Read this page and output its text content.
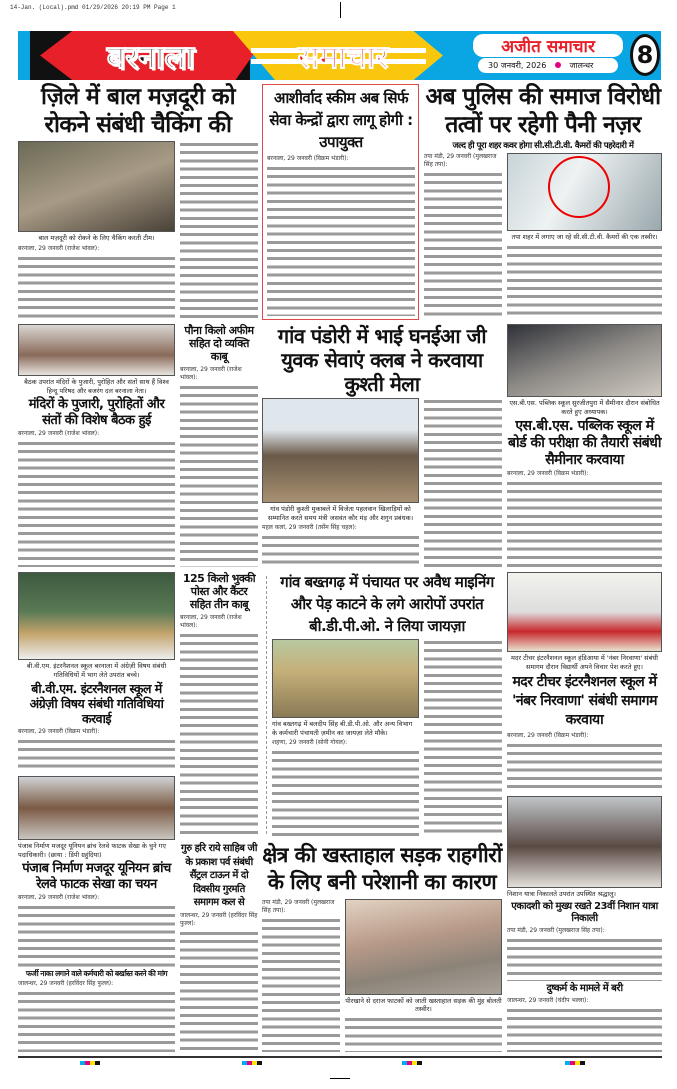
14-Jan. (Local).pmd 01/29/2026 20:19 PM Page 1
बरनाला	समाचार	अजीत समाचार
30 जनवरी, 2026	जालन्धर	8
ज़िले में बाल मज़दूरी को रोकने संबंधी चैकिंग की
बाल मज़दूरी को रोकने के लिए चैकिंग करती टीम।
बरनाला, 29 जनवरी (राजेश भांवल):
आशीर्वाद स्कीम अब सिर्फ सेवा केन्द्रों द्वारा लागू होगी : उपायुक्त
बरनाला, 29 जनवरी (विक्रम भंडारी):
अब पुलिस की समाज विरोधी तत्वों पर रहेगी पैनी नज़र
जल्द ही पूरा शहर कवर होगा सी.सी.टी.वी. कैमरों की पहरेदारी में
तपा मंडी, 29 जनवरी (मुलखराज सिंह तपा):
तपा शहर में लगाए जा रहे सी.सी.टी.वी. कैमरों की एक तस्वीर।
बैठक उपरांत मंदिरों के पुजारी, पुरोहित और संतों साथ हैं विश्व हिन्दू परिषद और बजरंग दल बरनाला नेता।
मंदिरों के पुजारी, पुरोहितों और संतों की विशेष बैठक हुई
बरनाला, 29 जनवरी (राजेश भांवल):
पौना किलो अफीम सहित दो व्यक्ति काबू
बरनाला, 29 जनवरी (राजेश भांवल):
गांव पंडोरी में भाई घनईआ जी युवक सेवाएं क्लब ने करवाया कुश्ती मेला
गांव पंडोरी कुश्ती मुकाबले में विजेता पहलवान खिलाड़ियों को सम्मानित करते समय मंत्री जसवंत कौर मंड़ और शगुन प्रबंधक।
महल कलां, 29 जनवरी (तर्सेम सिंह चहल):
एस.बी.एस. पब्लिक स्कूल सुरजीतपुरा में सैमीनार दौरान संबोधित करते हुए अध्यापक।
एस.बी.एस. पब्लिक स्कूल में बोर्ड की परीक्षा की तैयारी संबंधी सैमीनार करवाया
बरनाला, 29 जनवरी (विक्रम भंडारी):
बी.वी.एम. इंटरनैशनल स्कूल बरनाला में अंग्रेज़ी विषय संबंधी गतिविधियों में भाग लेते उपरांत बच्चे।
बी.वी.एम. इंटरनैशनल स्कूल में अंग्रेज़ी विषय संबंधी गतिविधियां करवाई
बरनाला, 29 जनवरी (विक्रम भंडारी):
125 किलो भुक्की पोस्त और कैंटर सहित तीन काबू
बरनाला, 29 जनवरी (राजेश भांवल):
गांव बख्तगढ़ में पंचायत पर अवैध माइनिंग और पेड़ काटने के लगे आरोपों उपरांत बी.डी.पी.ओ. ने लिया जायज़ा
गांव बख्तगढ़ में बलदीप सिंह बी.डी.पी.ओ. और अन्य विभाग के कर्मचारी पंचायती ज़मीन का जायज़ा लेते मौके।
शहणा, 29 जनवरी (सोनी गोयल):
मदर टीचर इंटरनैशनल स्कूल हंडिआया में 'नंबर निरवाणा' संबंधी समागम दौरान विद्यार्थी अपने विचार पेश करते हुए।
मदर टीचर इंटरनैशनल स्कूल में 'नंबर निरवाणा' संबंधी समागम करवाया
बरनाला, 29 जनवरी (विक्रम भंडारी):
पंजाब निर्माण मजदूर यूनियन ब्रांच रेलवे फाटक सेखा के चुने गए पदाधिकारी। (छाया : डिंपी ग्रहुंदिया)
पंजाब निर्माण मजदूर यूनियन ब्रांच रेलवे फाटक सेखा का चयन
बरनाला, 29 जनवरी (राजेश भांवल):
फर्जी नाका लगाने वाले कर्मचारी को बर्खास्त करने की मांग
जालन्धर, 29 जनवरी (हरविंदर सिंह फुल्ल):
गुरु हरि राये साहिब जी के प्रकाश पर्व संबंधी सैंट्रल टाऊन में दो दिवसीय गुरमति समागम कल से
जालन्धर, 29 जनवरी (हरविंदर सिंह फुल्ल):
क्षेत्र की खस्ताहाल सड़क राहगीरों के लिए बनी परेशानी का कारण
तपा मंडी, 29 जनवरी (मुलखराज सिंह तपा):
पीरखाने से दराज फाटकों को जाती खस्ताहाल सड़क की मुंह बोलती तस्वीर।
निशान यात्रा निकालते उपरांत उपस्थित श्रद्धालु।
एकादशी को मुख्य रखते 23वीं निशान यात्रा निकाली
तपा मंडी, 29 जनवरी (मुलखराज सिंह तपा):
दुष्कर्म के मामले में बरी
जालन्धर, 29 जनवरी (चंदीप भल्ला):
